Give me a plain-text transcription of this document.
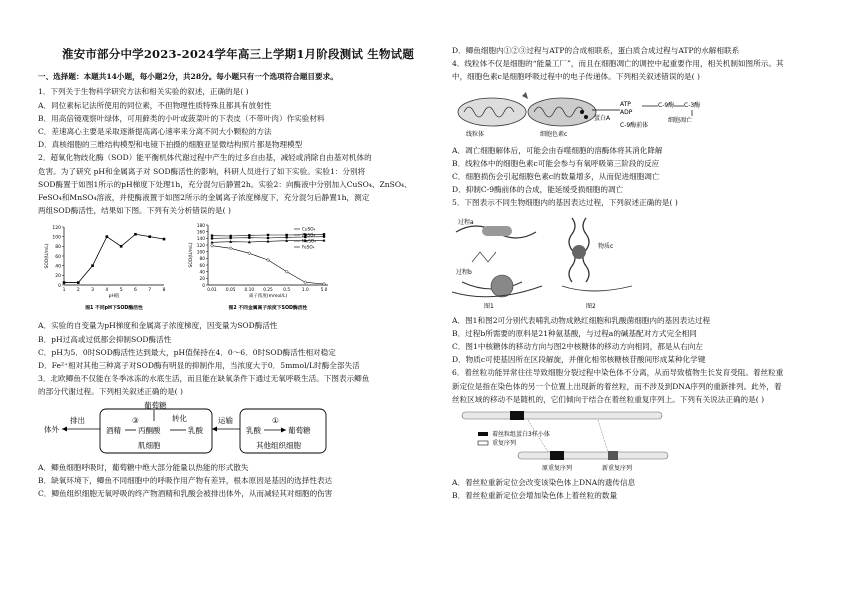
淮安市部分中学2023-2024学年高三上学期1月阶段测试 生物试题

一、选择题：本题共14小题，每小题2分，共28分。每小题只有一个选项符合题目要求。

1．下列关于生物科学研究方法和相关实验的叙述，正确的是( )

A．同位素标记法所使用的同位素，不但物理性质特殊且都具有放射性

B．用高倍镜观察叶绿体，可用藓类的小叶或菠菜叶的下表皮（不带叶肉）作实验材料

C．差速离心主要是采取逐渐提高离心速率来分离不同大小颗粒的方法

D．真核细胞的三维结构模型和电镜下拍摄的细胞亚显微结构照片都是物理模型

2．超氧化物歧化酶（SOD）能平衡机体代谢过程中产生的过多自由基，减轻或消除自由基对机体的

危害。为了研究 pH和金属离子对 SOD酶活性的影响，科研人员进行了如下实验。实验1：分别将

SOD酶置于如图1所示的pH梯度下处理1h，充分混匀后静置2h。实验2：向酶液中分别加入CuSO₄、ZnSO₄、

FeSO₄和MnSO₄溶液，并使酶液置于如图2所示的金属离子浓度梯度下，充分混匀后静置1h，测定

两组SOD酶活性，结果如下图。下列有关分析错误的是( )

0
20
40
60
80
100
120
1	2	3	4	5	6	7	8
pH值
SOD(U/mL)
图1 不同pH下SOD酶活性
0
20
40
60
80
100
120
140
160
180
0.01 0.05 0.10 0.25 0.5	1.0	5.0
离子浓度(mmol/L)
SOD(U/mL)
CuSO₄
ZnSO₄
MnSO₄
FeSO₄
图2 不同金属离子浓度下SOD酶活性

A．实验的自变量为pH梯度和金属离子浓度梯度，因变量为SOD酶活性

B．pH过高或过低都会抑制SOD酶活性

C．pH为5．0时SOD酶活性达到最大，pH值保持在4．0～6．0时SOD酶活性相对稳定

D．Fe²⁺相对其他三种离子对SOD酶有明显的抑制作用，当浓度大于0．5mmol/L时酶全部失活

3．北欧鲫鱼不仅能在冬季冰冻的水底生活，而且能在缺氧条件下通过无氧呼吸生活。下图表示鲫鱼

的部分代谢过程。下列相关叙述正确的是( )

体外
排出
葡萄糖
③
酒精 丙酮酸
转化
乳酸
肌细胞
运输	①
乳酸	葡萄糖
其他组织细胞

A．鲫鱼细胞呼吸时，葡萄糖中绝大部分能量以热能的形式散失

B．缺氧环境下，鲫鱼不同细胞中的呼吸作用产物有差异，根本原因是基因的选择性表达

C．鲫鱼组织细胞无氧呼吸的终产物酒精和乳酸会被排出体外，从而减轻其对细胞的伤害

D．鲫鱼细胞内①②③过程与ATP的合成相联系，蛋白质合成过程与ATP的水解相联系

4．线粒体不仅是细胞的“能量工厂”，而且在细胞凋亡的调控中起重要作用，相关机制如图所示。其

中，细胞色素c是细胞呼吸过程中的电子传递体。下列相关叙述错误的是( )

线粒体	细胞色素c
蛋白A
ATP
ADP
C-9酶前体
C-9酶 C-3酶
细胞凋亡

A．凋亡细胞解体后，可能会由吞噬细胞的溶酶体将其消化降解

B．线粒体中的细胞色素c可能会参与有氧呼吸第三阶段的反应

C．细胞损伤会引起细胞色素c的数量增多，从而促进细胞凋亡

D．抑制C-9酶前体的合成，能延缓受损细胞的凋亡

5．下图表示不同生物细胞内的基因表达过程，下列叙述正确的是( )

过程a
过程b
图1
物质c
图2

A．图1和图2可分别代表哺乳动物成熟红细胞和乳酸菌细胞内的基因表达过程

B．过程b所需要的原料是21种氨基酸，与过程a的碱基配对方式完全相同

C．图1中核糖体的移动方向与图2中核糖体的移动方向相同，都是从右向左

D．物质c可使基因所在区段解旋，并催化相邻核糖核苷酸间形成某种化学键

6．着丝粒功能异常往往导致细胞分裂过程中染色体不分离，从而导致植物生长发育受阻。着丝粒重

新定位是指在染色体的另一个位置上出现新的着丝粒，而不涉及到DNA序列的重新排列。此外，着

丝粒区域的移动不是随机的，它们倾向于结合在着丝粒重复序列上。下列有关说法正确的是( )

着丝粒组蛋白3样小体
重复序列
原重复序列	新重复序列

A．着丝粒重新定位会改变该染色体上DNA的遗传信息

B．着丝粒重新定位会增加染色体上着丝粒的数量
